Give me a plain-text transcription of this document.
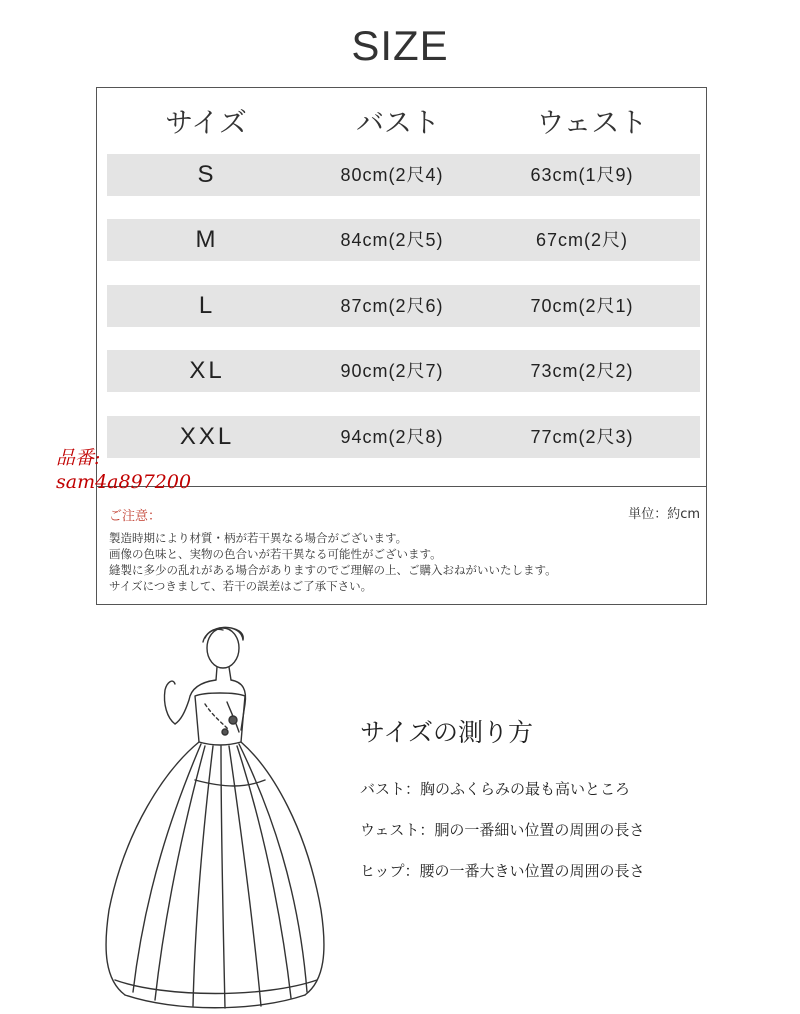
SIZE
サイズ	バスト	ウェスト
S	80cm(2尺4)	63cm(1尺9)
M	84cm(2尺5)	67cm(2尺)
L	87cm(2尺6)	70cm(2尺1)
XL	90cm(2尺7)	73cm(2尺2)
XXL	94cm(2尺8)	77cm(2尺3)
品番:
sam4a897200
単位：約cm
ご注意：
製造時期により材質・柄が若干異なる場合がございます。
画像の色味と、実物の色合いが若干異なる可能性がございます。
縫製に多少の乱れがある場合がありますのでご理解の上、ご購入おねがいいたします。
サイズにつきまして、若干の誤差はご了承下さい。
サイズの測り方
バスト：胸のふくらみの最も高いところ
ウェスト：胴の一番細い位置の周囲の長さ
ヒップ：腰の一番大きい位置の周囲の長さ
